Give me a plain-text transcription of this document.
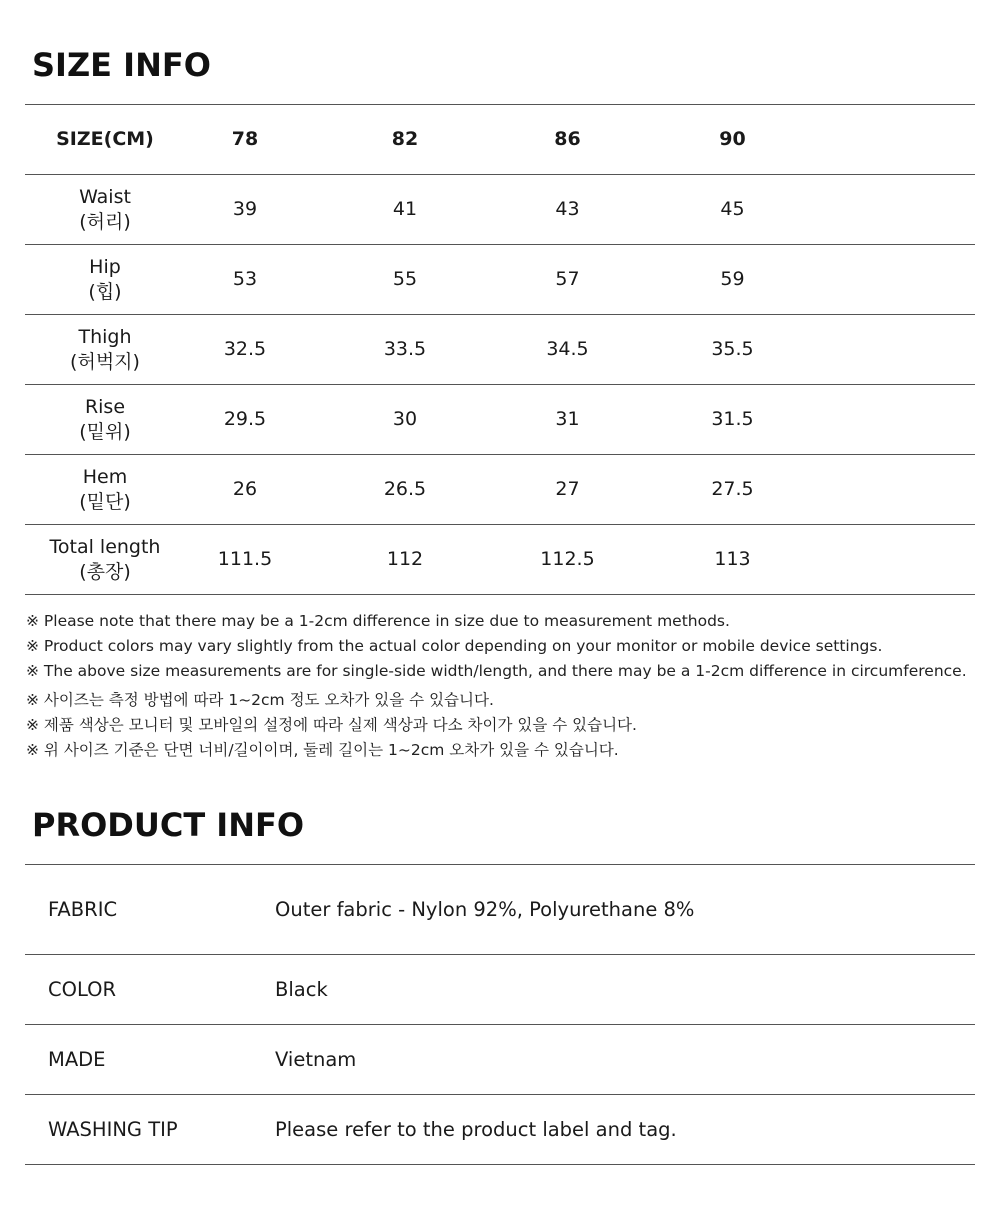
SIZE INFO
SIZE(CM)	78	82	86	90	

Waist
(허리)	39	41	43	45	

Hip
(힙)	53	55	57	59	

Thigh
(허벅지)	32.5	33.5	34.5	35.5	

Rise
(밑위)	29.5	30	31	31.5	

Hem
(밑단)	26	26.5	27	27.5	

Total length
(총장)	111.5	112	112.5	113	
※ Please note that there may be a 1-2cm difference in size due to measurement methods.
※ Product colors may vary slightly from the actual color depending on your monitor or mobile device settings.
※ The above size measurements are for single-side width/length, and there may be a 1-2cm difference in circumference.
※ 사이즈는 측정 방법에 따라 1~2cm 정도 오차가 있을 수 있습니다.
※ 제품 색상은 모니터 및 모바일의 설정에 따라 실제 색상과 다소 차이가 있을 수 있습니다.
※ 위 사이즈 기준은 단면 너비/길이이며, 둘레 길이는 1~2cm 오차가 있을 수 있습니다.
PRODUCT INFO
FABRIC	Outer fabric - Nylon 92%, Polyurethane 8%
COLOR	Black
MADE	Vietnam
WASHING TIP	Please refer to the product label and tag.
